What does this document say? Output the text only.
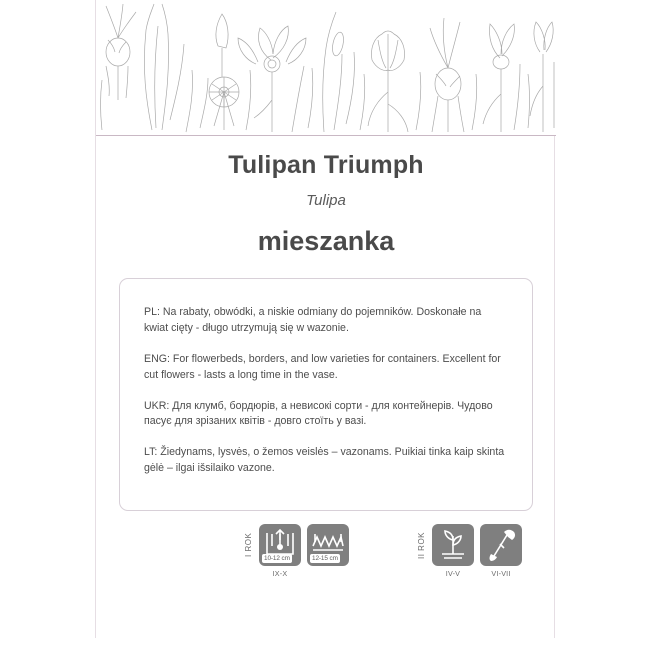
Tulipan Triumph

Tulipa

mieszanka

PL: Na rabaty, obwódki, a niskie odmiany do pojemników. Doskonałe na kwiat cięty - długo utrzymują się w wazonie.

ENG: For flowerbeds, borders, and low varieties for containers. Excellent for cut flowers - lasts a long time in the vase.

UKR: Для клумб, бордюрів, а невисокі сорти - для контейнерів. Чудово пасує для зрізаних квітів - довго стоїть у вазі.

LT: Žiedynams, lysvės, o žemos veislės – vazonams. Puikiai tinka kaip skinta gėlė – ilgai išsilaiko vazone.

I ROK
10-12 cm
IX-X
12-15 cm	II ROK
IV-V	VI-VII
